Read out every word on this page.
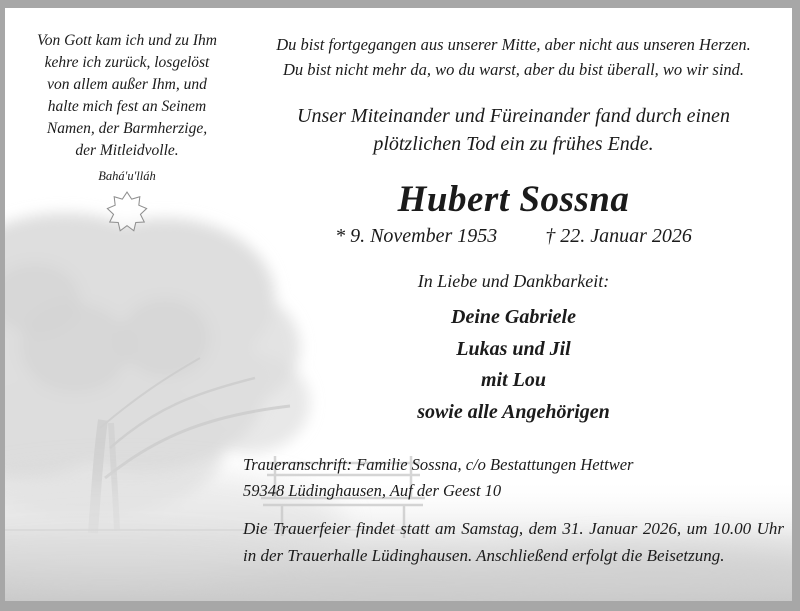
Von Gott kam ich und zu Ihm
kehre ich zurück, losgelöst
von allem außer Ihm, und
halte mich fest an Seinem
Namen, der Barmherzige,
der Mitleidvolle.
Bahá'u'lláh
Du bist fortgegangen aus unserer Mitte, aber nicht aus unseren Herzen.
Du bist nicht mehr da, wo du warst, aber du bist überall, wo wir sind.
Unser Miteinander und Füreinander fand durch einen
plötzlichen Tod ein zu frühes Ende.
Hubert Sossna
* 9. November 1953 † 22. Januar 2026
In Liebe und Dankbarkeit:
Deine Gabriele
Lukas und Jil
mit Lou
sowie alle Angehörigen
Traueranschrift: Familie Sossna, c/o Bestattungen Hettwer
59348 Lüdinghausen, Auf der Geest 10
Die Trauerfeier findet statt am Samstag, dem 31. Januar 2026, um 10.00 Uhr in der Trauerhalle Lüdinghausen. Anschließend erfolgt die Beisetzung.
